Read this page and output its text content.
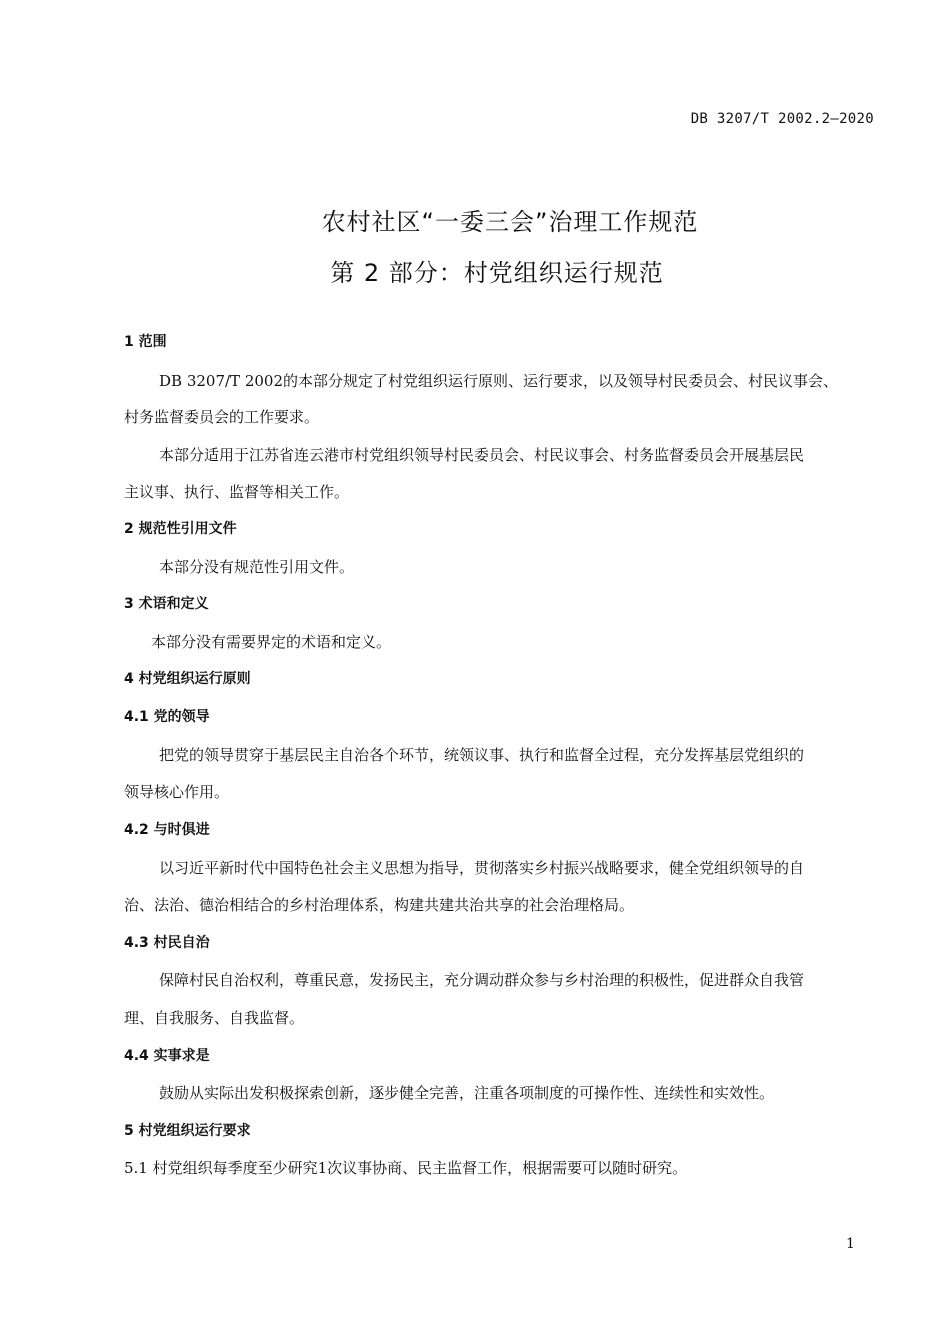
DB 3207/T 2002.2—2020
农村社区“一委三会”治理工作规范
第 2 部分：村党组织运行规范
1 范围
DB 3207/T 2002的本部分规定了村党组织运行原则、运行要求，以及领导村民委员会、村民议事会、
村务监督委员会的工作要求。
本部分适用于江苏省连云港市村党组织领导村民委员会、村民议事会、村务监督委员会开展基层民
主议事、执行、监督等相关工作。
2 规范性引用文件
本部分没有规范性引用文件。
3 术语和定义
本部分没有需要界定的术语和定义。
4 村党组织运行原则
4.1 党的领导
把党的领导贯穿于基层民主自治各个环节，统领议事、执行和监督全过程，充分发挥基层党组织的
领导核心作用。
4.2 与时俱进
以习近平新时代中国特色社会主义思想为指导，贯彻落实乡村振兴战略要求，健全党组织领导的自
治、法治、德治相结合的乡村治理体系，构建共建共治共享的社会治理格局。
4.3 村民自治
保障村民自治权利，尊重民意，发扬民主，充分调动群众参与乡村治理的积极性，促进群众自我管
理、自我服务、自我监督。
4.4 实事求是
鼓励从实际出发积极探索创新，逐步健全完善，注重各项制度的可操作性、连续性和实效性。
5 村党组织运行要求
5.1 村党组织每季度至少研究1次议事协商、民主监督工作，根据需要可以随时研究。
1
